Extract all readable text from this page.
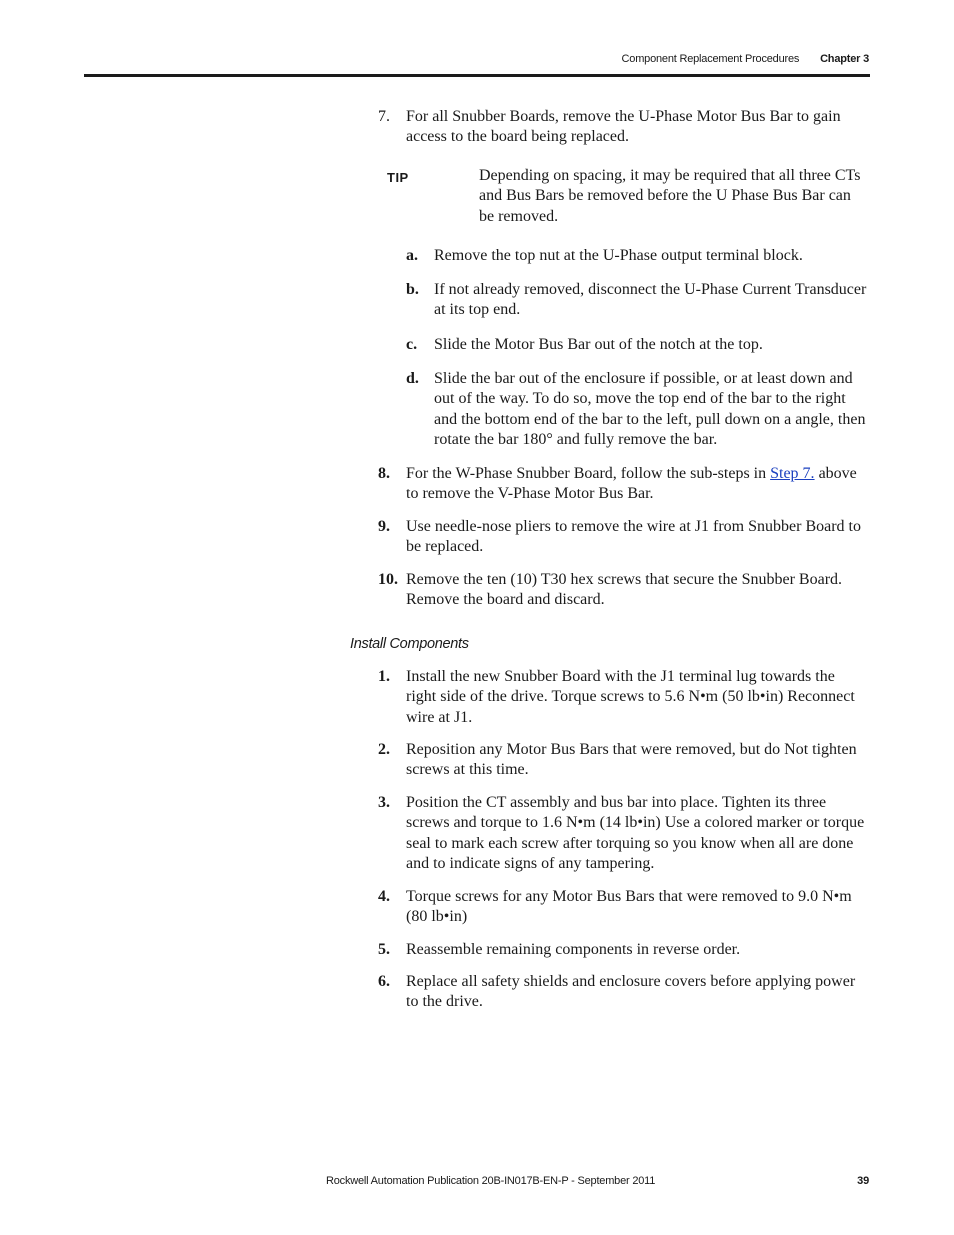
Component Replacement Procedures Chapter 3
7. For all Snubber Boards, remove the U-Phase Motor Bus Bar to gain access to the board being replaced.
TIP	Depending on spacing, it may be required that all three CTs and Bus Bars be removed before the U Phase Bus Bar can be removed.
a. Remove the top nut at the U-Phase output terminal block.
b. If not already removed, disconnect the U-Phase Current Transducer at its top end.
c. Slide the Motor Bus Bar out of the notch at the top.
d. Slide the bar out of the enclosure if possible, or at least down and out of the way. To do so, move the top end of the bar to the right and the bottom end of the bar to the left, pull down on a angle, then rotate the bar 180° and fully remove the bar.
8. For the W-Phase Snubber Board, follow the sub-steps in Step 7. above to remove the V-Phase Motor Bus Bar.
9. Use needle-nose pliers to remove the wire at J1 from Snubber Board to be replaced.
10. Remove the ten (10) T30 hex screws that secure the Snubber Board. Remove the board and discard.
Install Components
1. Install the new Snubber Board with the J1 terminal lug towards the right side of the drive. Torque screws to 5.6 N•m (50 lb•in) Reconnect wire at J1.
2. Reposition any Motor Bus Bars that were removed, but do Not tighten screws at this time.
3. Position the CT assembly and bus bar into place. Tighten its three screws and torque to 1.6 N•m (14 lb•in) Use a colored marker or torque seal to mark each screw after torquing so you know when all are done and to indicate signs of any tampering.
4. Torque screws for any Motor Bus Bars that were removed to 9.0 N•m (80 lb•in)
5. Reassemble remaining components in reverse order.
6. Replace all safety shields and enclosure covers before applying power to the drive.
Rockwell Automation Publication 20B-IN017B-EN-P - September 2011	39
